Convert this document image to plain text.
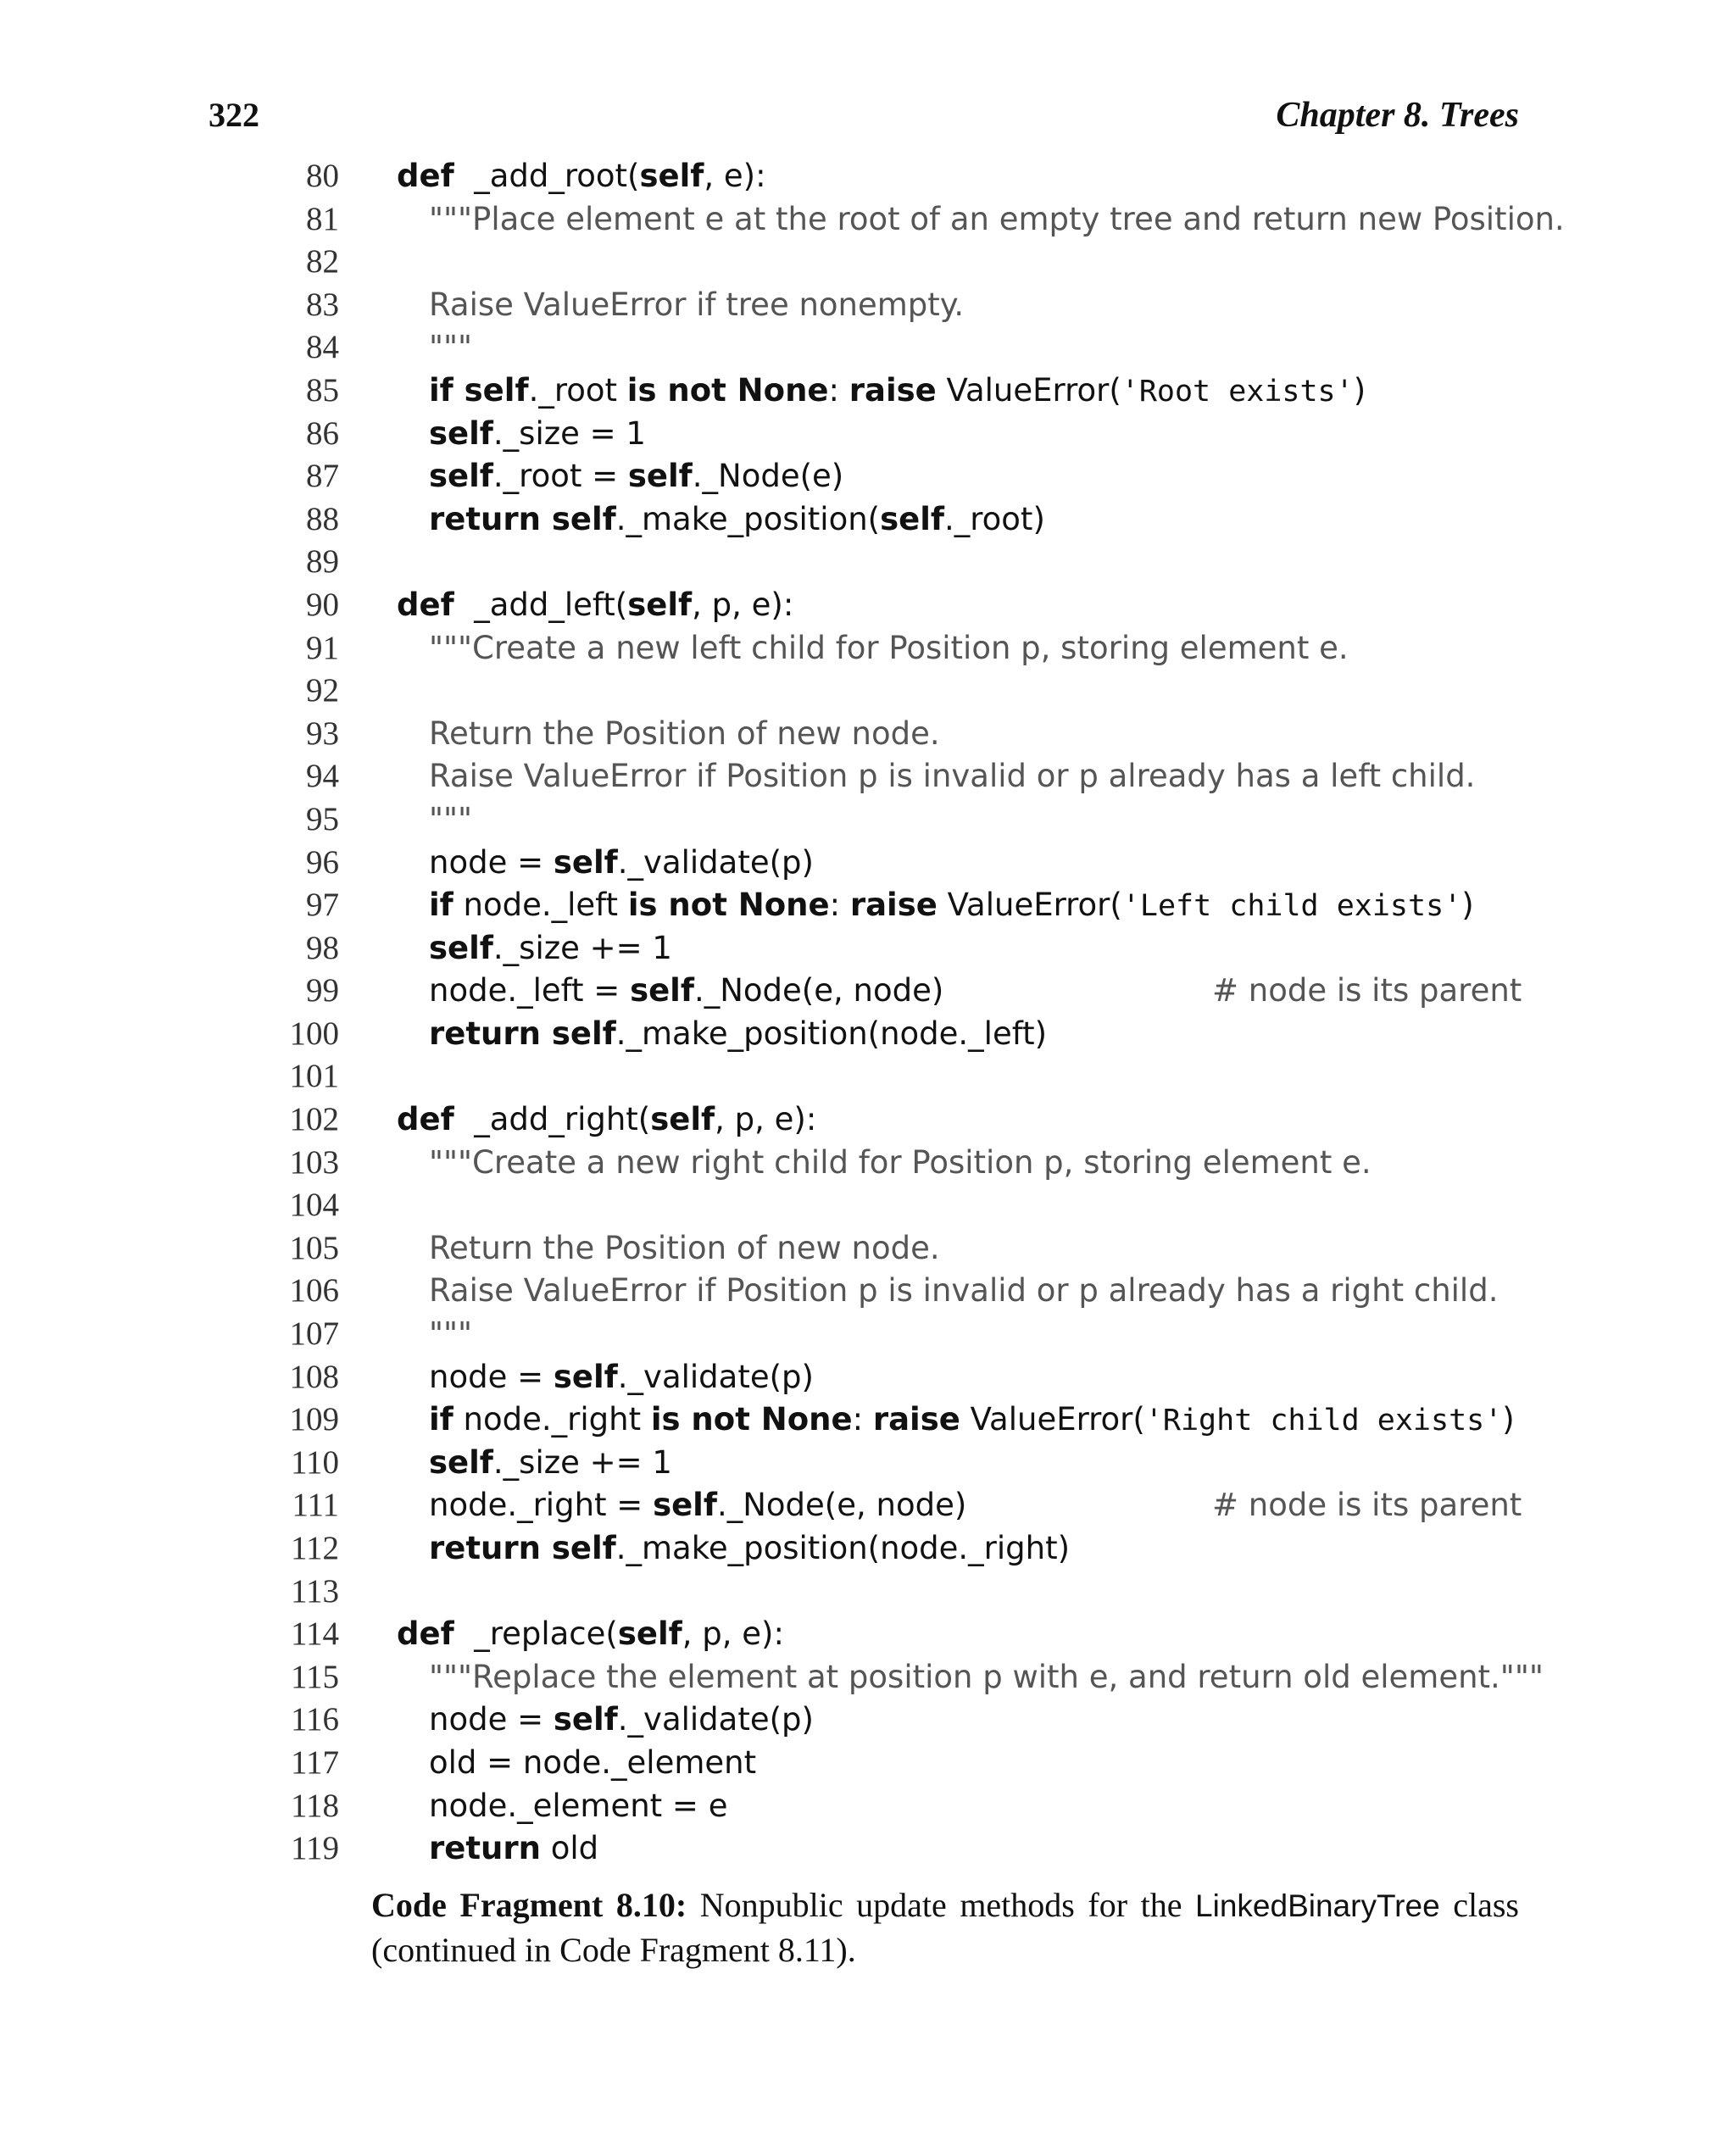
322	Chapter 8. Trees
80 def  _add_root(self, e):
81	"""Place element e at the root of an empty tree and return new Position.
82
83	Raise ValueError if tree nonempty.
84	"""
85	if self._root is not None: raise ValueError('Root exists')
86	self._size = 1
87	self._root = self._Node(e)
88	return self._make_position(self._root)
89
90 def  _add_left(self, p, e):
91	"""Create a new left child for Position p, storing element e.
92
93	Return the Position of new node.
94	Raise ValueError if Position p is invalid or p already has a left child.
95	"""
96	node = self._validate(p)
97	if node._left is not None: raise ValueError('Left child exists')
98	self._size += 1
99	node._left = self._Node(e, node)	# node is its parent
100	return self._make_position(node._left)
101
102 def  _add_right(self, p, e):
103	"""Create a new right child for Position p, storing element e.
104
105	Return the Position of new node.
106	Raise ValueError if Position p is invalid or p already has a right child.
107	"""
108	node = self._validate(p)
109	if node._right is not None: raise ValueError('Right child exists')
110	self._size += 1
111	node._right = self._Node(e, node)	# node is its parent
112	return self._make_position(node._right)
113
114 def  _replace(self, p, e):
115	"""Replace the element at position p with e, and return old element."""
116	node = self._validate(p)
117	old = node._element
118	node._element = e
119	return old
Code Fragment 8.10: Nonpublic update methods for the LinkedBinaryTree class (continued in Code Fragment 8.11).
